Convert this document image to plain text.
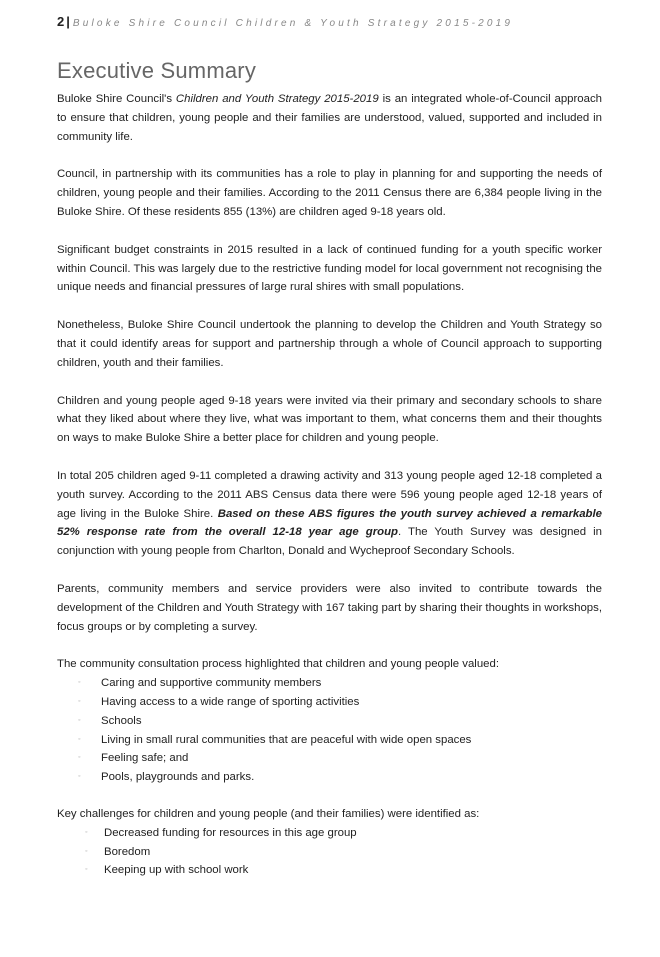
2 | Buloke Shire Council Children & Youth Strategy 2015-2019
Executive Summary

Buloke Shire Council's Children and Youth Strategy 2015-2019 is an integrated whole-of-Council approach to ensure that children, young people and their families are understood, valued, supported and included in community life.

Council, in partnership with its communities has a role to play in planning for and supporting the needs of children, young people and their families. According to the 2011 Census there are 6,384 people living in the Buloke Shire. Of these residents 855 (13%) are children aged 9-18 years old.

Significant budget constraints in 2015 resulted in a lack of continued funding for a youth specific worker within Council. This was largely due to the restrictive funding model for local government not recognising the unique needs and financial pressures of large rural shires with small populations.

Nonetheless, Buloke Shire Council undertook the planning to develop the Children and Youth Strategy so that it could identify areas for support and partnership through a whole of Council approach to supporting children, youth and their families.

Children and young people aged 9-18 years were invited via their primary and secondary schools to share what they liked about where they live, what was important to them, what concerns them and their thoughts on ways to make Buloke Shire a better place for children and young people.

In total 205 children aged 9-11 completed a drawing activity and 313 young people aged 12-18 completed a youth survey. According to the 2011 ABS Census data there were 596 young people aged 12-18 years of age living in the Buloke Shire. Based on these ABS figures the youth survey achieved a remarkable 52% response rate from the overall 12-18 year age group. The Youth Survey was designed in conjunction with young people from Charlton, Donald and Wycheproof Secondary Schools.

Parents, community members and service providers were also invited to contribute towards the development of the Children and Youth Strategy with 167 taking part by sharing their thoughts in workshops, focus groups or by completing a survey.

The community consultation process highlighted that children and young people valued:

◦ Caring and supportive community members
◦ Having access to a wide range of sporting activities
◦ Schools
◦ Living in small rural communities that are peaceful with wide open spaces
◦ Feeling safe; and
◦ Pools, playgrounds and parks.

Key challenges for children and young people (and their families) were identified as:

◦ Decreased funding for resources in this age group
◦ Boredom
◦ Keeping up with school work
